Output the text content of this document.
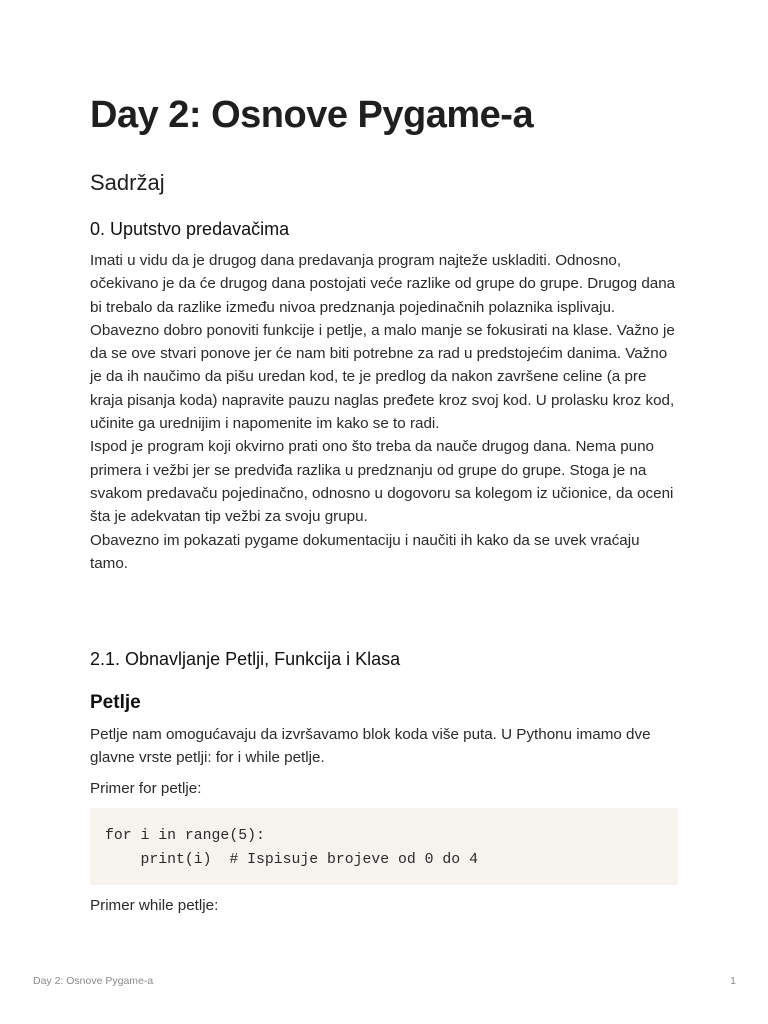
Day 2: Osnove Pygame-a
Sadržaj
0. Uputstvo predavačima

Imati u vidu da je drugog dana predavanja program najteže uskladiti. Odnosno, očekivano je da će drugog dana postojati veće razlike od grupe do grupe. Drugog dana bi trebalo da razlike između nivoa predznanja pojedinačnih polaznika isplivaju. Obavezno dobro ponoviti funkcije i petlje, a malo manje se fokusirati na klase. Važno je da se ove stvari ponove jer će nam biti potrebne za rad u predstojećim danima. Važno je da ih naučimo da pišu uredan kod, te je predlog da nakon završene celine (a pre kraja pisanja koda) napravite pauzu naglas pređete kroz svoj kod. U prolasku kroz kod, učinite ga urednijim i napomenite im kako se to radi.

Ispod je program koji okvirno prati ono što treba da nauče drugog dana. Nema puno primera i vežbi jer se predviđa razlika u predznanju od grupe do grupe. Stoga je na svakom predavaču pojedinačno, odnosno u dogovoru sa kolegom iz učionice, da oceni šta je adekvatan tip vežbi za svoju grupu.

Obavezno im pokazati pygame dokumentaciju i naučiti ih kako da se uvek vraćaju tamo.

2.1. Obnavljanje Petlji, Funkcija i Klasa
Petlje

Petlje nam omogućavaju da izvršavamo blok koda više puta. U Pythonu imamo dve glavne vrste petlji: for i while petlje.

Primer for petlje:

for i in range(5):
print(i)  # Ispisuje brojeve od 0 do 4

Primer while petlje:

Day 2: Osnove Pygame-a	1
